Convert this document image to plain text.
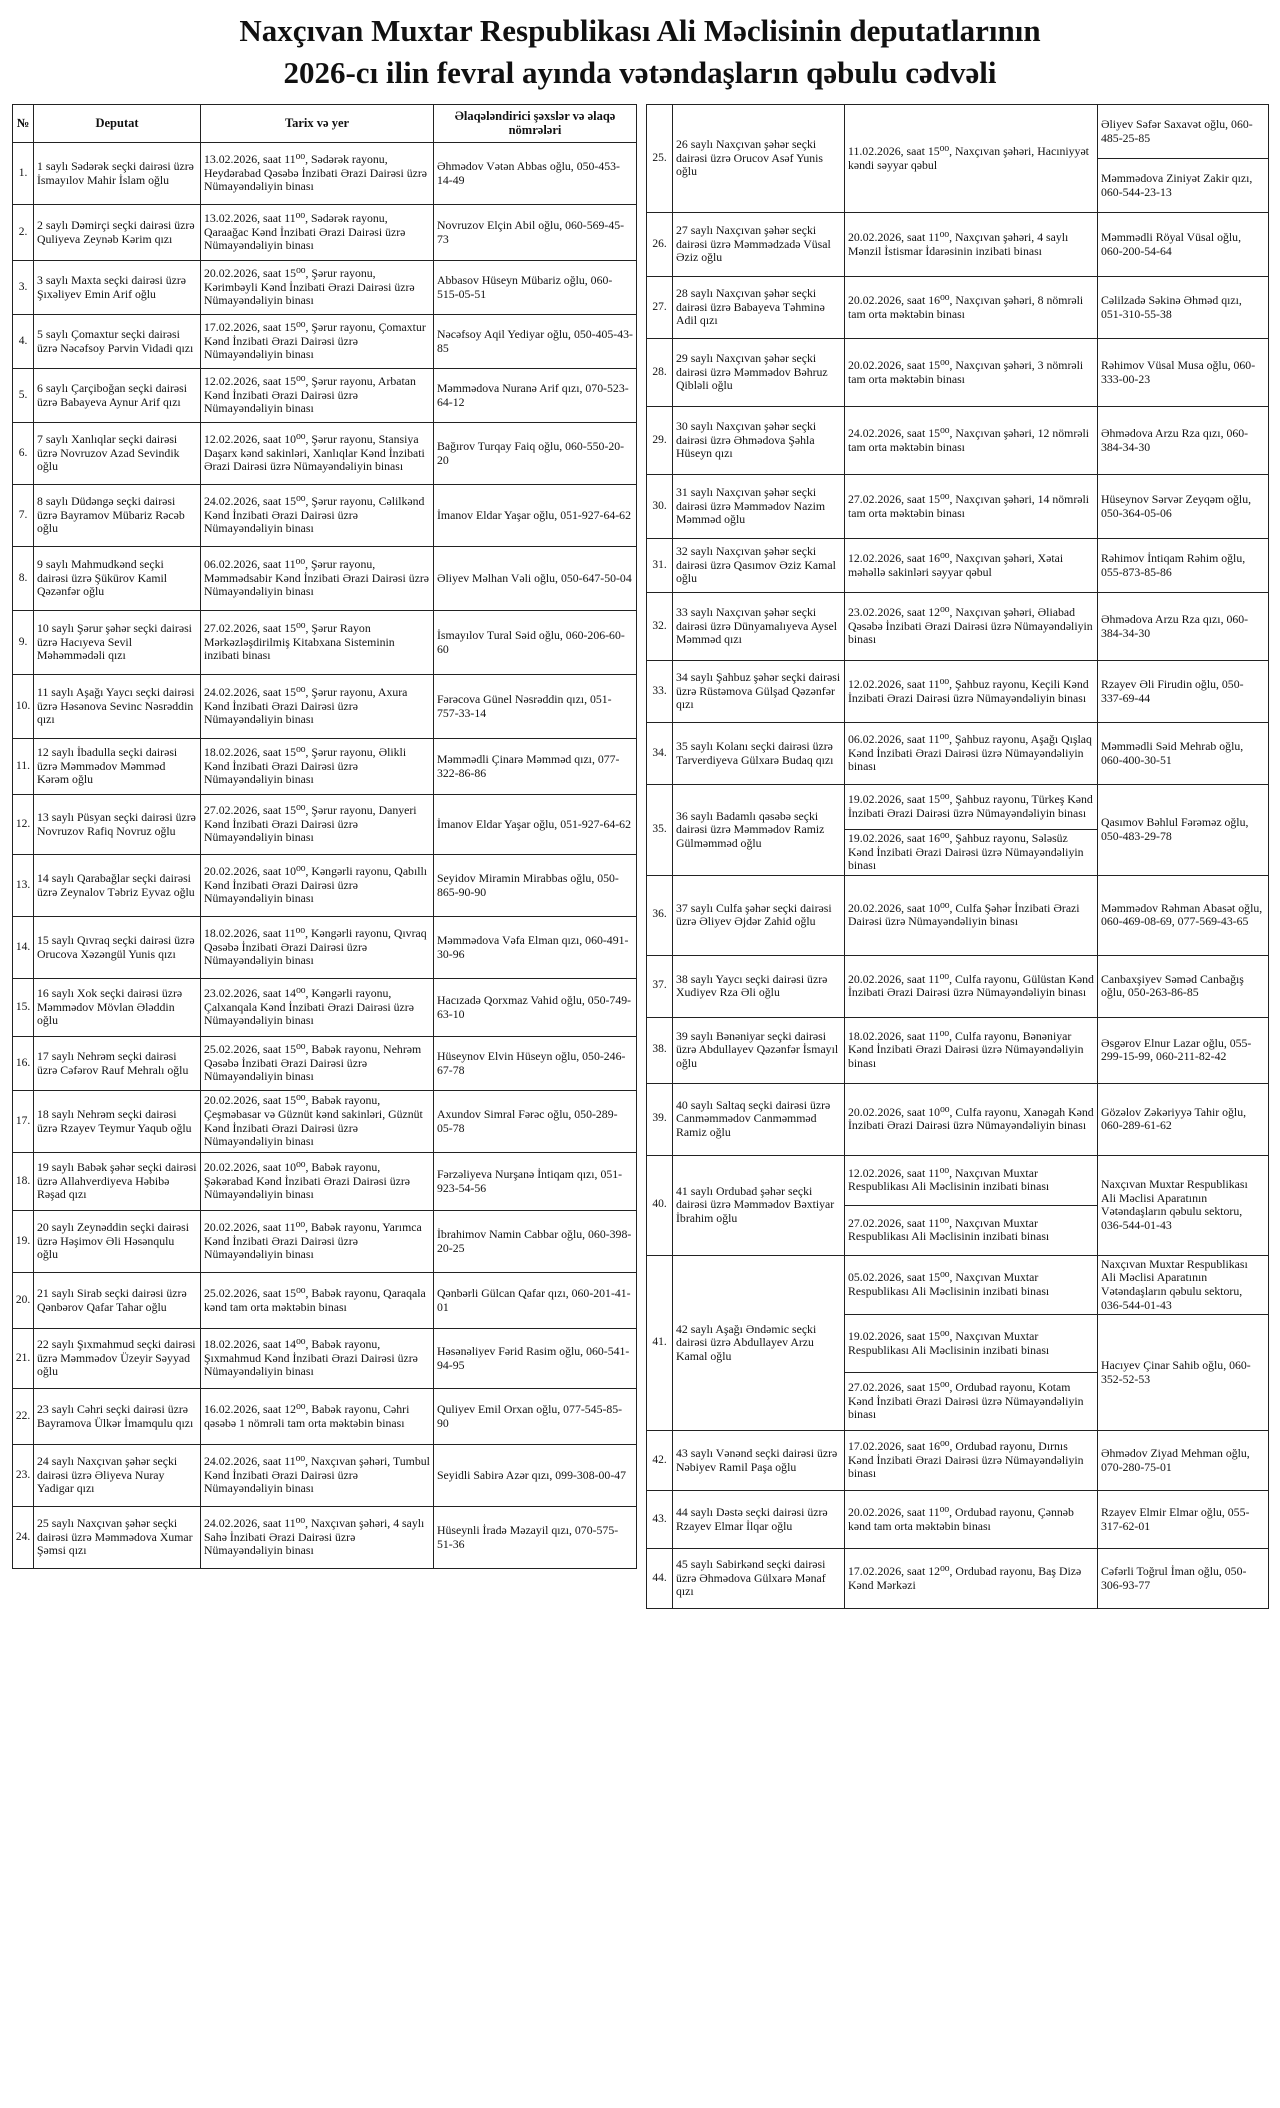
Naxçıvan Muxtar Respublikası Ali Məclisinin deputatlarının
2026-cı ilin fevral ayında vətəndaşların qəbulu cədvəli
№	Deputat	Tarix və yer	Əlaqələndirici şəxslər və əlaqə nömrələri
1.	1 saylı Sədərək seçki dairəsi üzrə İsmayılov Mahir İslam oğlu	13.02.2026, saat 11⁰⁰, Sədərək rayonu, Heydərabad Qəsəbə İnzibati Ərazi Dairəsi üzrə Nümayəndəliyin binası	Əhmədov Vətən Abbas oğlu, 050-453-14-49
2.	2 saylı Dəmirçi seçki dairəsi üzrə Quliyeva Zeynəb Kərim qızı	13.02.2026, saat 11⁰⁰, Sədərək rayonu, Qaraağac Kənd İnzibati Ərazi Dairəsi üzrə Nümayəndəliyin binası	Novruzov Elçin Abil oğlu, 060-569-45-73
3.	3 saylı Maxta seçki dairəsi üzrə Şıxəliyev Emin Arif oğlu	20.02.2026, saat 15⁰⁰, Şərur rayonu, Kərimbəyli Kənd İnzibati Ərazi Dairəsi üzrə Nümayəndəliyin binası	Abbasov Hüseyn Mübariz oğlu, 060-515-05-51
4.	5 saylı Çomaxtur seçki dairəsi üzrə Nəcəfsoy Pərvin Vidadi qızı	17.02.2026, saat 15⁰⁰, Şərur rayonu, Çomaxtur Kənd İnzibati Ərazi Dairəsi üzrə Nümayəndəliyin binası	Nəcəfsoy Aqil Yediyar oğlu, 050-405-43-85
5.	6 saylı Çarçiboğan seçki dairəsi üzrə Babayeva Aynur Arif qızı	12.02.2026, saat 15⁰⁰, Şərur rayonu, Arbatan Kənd İnzibati Ərazi Dairəsi üzrə Nümayəndəliyin binası	Məmmədova Nuranə Arif qızı, 070-523-64-12
6.	7 saylı Xanlıqlar seçki dairəsi üzrə Novruzov Azad Sevindik oğlu	12.02.2026, saat 10⁰⁰, Şərur rayonu, Stansiya Daşarx kənd sakinləri, Xanlıqlar Kənd İnzibati Ərazi Dairəsi üzrə Nümayəndəliyin binası	Bağırov Turqay Faiq oğlu, 060-550-20-20
7.	8 saylı Düdəngə seçki dairəsi üzrə Bayramov Mübariz Rəcəb oğlu	24.02.2026, saat 15⁰⁰, Şərur rayonu, Cəlilkənd Kənd İnzibati Ərazi Dairəsi üzrə Nümayəndəliyin binası	İmanov Eldar Yaşar oğlu, 051-927-64-62
8.	9 saylı Mahmudkənd seçki dairəsi üzrə Şükürov Kamil Qəzənfər oğlu	06.02.2026, saat 11⁰⁰, Şərur rayonu, Məmmədsabir Kənd İnzibati Ərazi Dairəsi üzrə Nümayəndəliyin binası	Əliyev Məlhan Vəli oğlu, 050-647-50-04
9.	10 saylı Şərur şəhər seçki dairəsi üzrə Hacıyeva Sevil Məhəmmədəli qızı	27.02.2026, saat 15⁰⁰, Şərur Rayon Mərkəzləşdirilmiş Kitabxana Sisteminin inzibati binası	İsmayılov Tural Səid oğlu, 060-206-60-60
10.	11 saylı Aşağı Yaycı seçki dairəsi üzrə Həsənova Sevinc Nəsrəddin qızı	24.02.2026, saat 15⁰⁰, Şərur rayonu, Axura Kənd İnzibati Ərazi Dairəsi üzrə Nümayəndəliyin binası	Fərəcova Günel Nəsrəddin qızı, 051-757-33-14
11.	12 saylı İbadulla seçki dairəsi üzrə Məmmədov Məmməd Kərəm oğlu	18.02.2026, saat 15⁰⁰, Şərur rayonu, Əlikli Kənd İnzibati Ərazi Dairəsi üzrə Nümayəndəliyin binası	Məmmədli Çinarə Məmməd qızı, 077-322-86-86
12.	13 saylı Püsyan seçki dairəsi üzrə Novruzov Rafiq Novruz oğlu	27.02.2026, saat 15⁰⁰, Şərur rayonu, Danyeri Kənd İnzibati Ərazi Dairəsi üzrə Nümayəndəliyin binası	İmanov Eldar Yaşar oğlu, 051-927-64-62
13.	14 saylı Qarabağlar seçki dairəsi üzrə Zeynalov Təbriz Eyvaz oğlu	20.02.2026, saat 10⁰⁰, Kəngərli rayonu, Qabıllı Kənd İnzibati Ərazi Dairəsi üzrə Nümayəndəliyin binası	Seyidov Miramin Mirabbas oğlu, 050-865-90-90
14.	15 saylı Qıvraq seçki dairəsi üzrə Orucova Xəzəngül Yunis qızı	18.02.2026, saat 11⁰⁰, Kəngərli rayonu, Qıvraq Qəsəbə İnzibati Ərazi Dairəsi üzrə Nümayəndəliyin binası	Məmmədova Vəfa Elman qızı, 060-491-30-96
15.	16 saylı Xok seçki dairəsi üzrə Məmmədov Mövlan Ələddin oğlu	23.02.2026, saat 14⁰⁰, Kəngərli rayonu, Çalxanqala Kənd İnzibati Ərazi Dairəsi üzrə Nümayəndəliyin binası	Hacızadə Qorxmaz Vahid oğlu, 050-749-63-10
16.	17 saylı Nehrəm seçki dairəsi üzrə Cəfərov Rauf Mehralı oğlu	25.02.2026, saat 15⁰⁰, Babək rayonu, Nehrəm Qəsəbə İnzibati Ərazi Dairəsi üzrə Nümayəndəliyin binası	Hüseynov Elvin Hüseyn oğlu, 050-246-67-78
17.	18 saylı Nehrəm seçki dairəsi üzrə Rzayev Teymur Yaqub oğlu	20.02.2026, saat 15⁰⁰, Babək rayonu, Çeşməbasar və Güznüt kənd sakinləri, Güznüt Kənd İnzibati Ərazi Dairəsi üzrə Nümayəndəliyin binası	Axundov Simral Fərəc oğlu, 050-289-05-78
18.	19 saylı Babək şəhər seçki dairəsi üzrə Allahverdiyeva Həbibə Rəşad qızı	20.02.2026, saat 10⁰⁰, Babək rayonu, Şəkərabad Kənd İnzibati Ərazi Dairəsi üzrə Nümayəndəliyin binası	Fərzəliyeva Nurşanə İntiqam qızı, 051-923-54-56
19.	20 saylı Zeynəddin seçki dairəsi üzrə Həşimov Əli Həsənqulu oğlu	20.02.2026, saat 11⁰⁰, Babək rayonu, Yarımca Kənd İnzibati Ərazi Dairəsi üzrə Nümayəndəliyin binası	İbrahimov Namin Cabbar oğlu, 060-398-20-25
20.	21 saylı Sirab seçki dairəsi üzrə Qənbərov Qafar Tahar oğlu	25.02.2026, saat 15⁰⁰, Babək rayonu, Qaraqala kənd tam orta məktəbin binası	Qənbərli Gülcan Qafar qızı, 060-201-41-01
21.	22 saylı Şıxmahmud seçki dairəsi üzrə Məmmədov Üzeyir Səyyad oğlu	18.02.2026, saat 14⁰⁰, Babək rayonu, Şıxmahmud Kənd İnzibati Ərazi Dairəsi üzrə Nümayəndəliyin binası	Həsənəliyev Fərid Rasim oğlu, 060-541-94-95
22.	23 saylı Cəhri seçki dairəsi üzrə Bayramova Ülkər İmamqulu qızı	16.02.2026, saat 12⁰⁰, Babək rayonu, Cəhri qəsəbə 1 nömrəli tam orta məktəbin binası	Quliyev Emil Orxan oğlu, 077-545-85-90
23.	24 saylı Naxçıvan şəhər seçki dairəsi üzrə Əliyeva Nuray Yadigar qızı	24.02.2026, saat 11⁰⁰, Naxçıvan şəhəri, Tumbul Kənd İnzibati Ərazi Dairəsi üzrə Nümayəndəliyin binası	Seyidli Sabirə Azər qızı, 099-308-00-47
24.	25 saylı Naxçıvan şəhər seçki dairəsi üzrə Məmmədova Xumar Şəmsi qızı	24.02.2026, saat 11⁰⁰, Naxçıvan şəhəri, 4 saylı Sahə İnzibati Ərazi Dairəsi üzrə Nümayəndəliyin binası	Hüseynli İradə Məzayil qızı, 070-575-51-36
25.	26 saylı Naxçıvan şəhər seçki dairəsi üzrə Orucov Asəf Yunis oğlu	11.02.2026, saat 15⁰⁰, Naxçıvan şəhəri, Hacıniyyət kəndi səyyar qəbul	Əliyev Səfər Saxavət oğlu, 060-485-25-85
			Məmmədova Ziniyət Zakir qızı, 060-544-23-13
26.	27 saylı Naxçıvan şəhər seçki dairəsi üzrə Məmmədzadə Vüsal Əziz oğlu	20.02.2026, saat 11⁰⁰, Naxçıvan şəhəri, 4 saylı Mənzil İstismar İdarəsinin inzibati binası	Məmmədli Röyal Vüsal oğlu, 060-200-54-64
27.	28 saylı Naxçıvan şəhər seçki dairəsi üzrə Babayeva Təhminə Adil qızı	20.02.2026, saat 16⁰⁰, Naxçıvan şəhəri, 8 nömrəli tam orta məktəbin binası	Cəlilzadə Səkinə Əhməd qızı, 051-310-55-38
28.	29 saylı Naxçıvan şəhər seçki dairəsi üzrə Məmmədov Bəhruz Qibləli oğlu	20.02.2026, saat 15⁰⁰, Naxçıvan şəhəri, 3 nömrəli tam orta məktəbin binası	Rəhimov Vüsal Musa oğlu, 060-333-00-23
29.	30 saylı Naxçıvan şəhər seçki dairəsi üzrə Əhmədova Şəhla Hüseyn qızı	24.02.2026, saat 15⁰⁰, Naxçıvan şəhəri, 12 nömrəli tam orta məktəbin binası	Əhmədova Arzu Rza qızı, 060-384-34-30
30.	31 saylı Naxçıvan şəhər seçki dairəsi üzrə Məmmədov Nazim Məmməd oğlu	27.02.2026, saat 15⁰⁰, Naxçıvan şəhəri, 14 nömrəli tam orta məktəbin binası	Hüseynov Sərvər Zeyqəm oğlu, 050-364-05-06
31.	32 saylı Naxçıvan şəhər seçki dairəsi üzrə Qasımov Əziz Kamal oğlu	12.02.2026, saat 16⁰⁰, Naxçıvan şəhəri, Xətai məhəllə sakinləri səyyar qəbul	Rəhimov İntiqam Rəhim oğlu, 055-873-85-86
32.	33 saylı Naxçıvan şəhər seçki dairəsi üzrə Dünyamalıyeva Aysel Məmməd qızı	23.02.2026, saat 12⁰⁰, Naxçıvan şəhəri, Əliabad Qəsəbə İnzibati Ərazi Dairəsi üzrə Nümayəndəliyin binası	Əhmədova Arzu Rza qızı, 060-384-34-30
33.	34 saylı Şahbuz şəhər seçki dairəsi üzrə Rüstəmova Gülşad Qəzənfər qızı	12.02.2026, saat 11⁰⁰, Şahbuz rayonu, Keçili Kənd İnzibati Ərazi Dairəsi üzrə Nümayəndəliyin binası	Rzayev Əli Firudin oğlu, 050-337-69-44
34.	35 saylı Kolanı seçki dairəsi üzrə Tarverdiyeva Gülxarə Budaq qızı	06.02.2026, saat 11⁰⁰, Şahbuz rayonu, Aşağı Qışlaq Kənd İnzibati Ərazi Dairəsi üzrə Nümayəndəliyin binası	Məmmədli Səid Mehrab oğlu, 060-400-30-51
35.	36 saylı Badamlı qəsəbə seçki dairəsi üzrə Məmmədov Ramiz Gülməmməd oğlu	19.02.2026, saat 15⁰⁰, Şahbuz rayonu, Türkeş Kənd İnzibati Ərazi Dairəsi üzrə Nümayəndəliyin binası	Qasımov Bəhlul Fərəməz oğlu, 050-483-29-78
		19.02.2026, saat 16⁰⁰, Şahbuz rayonu, Sələsüz Kənd İnzibati Ərazi Dairəsi üzrə Nümayəndəliyin binası	
36.	37 saylı Culfa şəhər seçki dairəsi üzrə Əliyev Əjdər Zahid oğlu	20.02.2026, saat 10⁰⁰, Culfa Şəhər İnzibati Ərazi Dairəsi üzrə Nümayəndəliyin binası	Məmmədov Rəhman Abasət oğlu, 060-469-08-69, 077-569-43-65
37.	38 saylı Yaycı seçki dairəsi üzrə Xudiyev Rza Əli oğlu	20.02.2026, saat 11⁰⁰, Culfa rayonu, Gülüstan Kənd İnzibati Ərazi Dairəsi üzrə Nümayəndəliyin binası	Canbaxşiyev Səməd Canbağış oğlu, 050-263-86-85
38.	39 saylı Bənəniyar seçki dairəsi üzrə Abdullayev Qəzənfər İsmayıl oğlu	18.02.2026, saat 11⁰⁰, Culfa rayonu, Bənəniyar Kənd İnzibati Ərazi Dairəsi üzrə Nümayəndəliyin binası	Əsgərov Elnur Lazar oğlu, 055-299-15-99, 060-211-82-42
39.	40 saylı Saltaq seçki dairəsi üzrə Canməmmədov Canməmməd Ramiz oğlu	20.02.2026, saat 10⁰⁰, Culfa rayonu, Xanəgah Kənd İnzibati Ərazi Dairəsi üzrə Nümayəndəliyin binası	Gözəlov Zəkəriyyə Tahir oğlu, 060-289-61-62
40.	41 saylı Ordubad şəhər seçki dairəsi üzrə Məmmədov Bəxtiyar İbrahim oğlu	12.02.2026, saat 11⁰⁰, Naxçıvan Muxtar Respublikası Ali Məclisinin inzibati binası	Naxçıvan Muxtar Respublikası Ali Məclisi Aparatının Vətəndaşların qəbulu sektoru, 036-544-01-43
		27.02.2026, saat 11⁰⁰, Naxçıvan Muxtar Respublikası Ali Məclisinin inzibati binası	
41.	42 saylı Aşağı Əndəmic seçki dairəsi üzrə Abdullayev Arzu Kamal oğlu	05.02.2026, saat 15⁰⁰, Naxçıvan Muxtar Respublikası Ali Məclisinin inzibati binası	Naxçıvan Muxtar Respublikası Ali Məclisi Aparatının Vətəndaşların qəbulu sektoru, 036-544-01-43
		19.02.2026, saat 15⁰⁰, Naxçıvan Muxtar Respublikası Ali Məclisinin inzibati binası	Hacıyev Çinar Sahib oğlu, 060-352-52-53
		27.02.2026, saat 15⁰⁰, Ordubad rayonu, Kotam Kənd İnzibati Ərazi Dairəsi üzrə Nümayəndəliyin binası	
42.	43 saylı Vənənd seçki dairəsi üzrə Nəbiyev Ramil Paşa oğlu	17.02.2026, saat 16⁰⁰, Ordubad rayonu, Dırnıs Kənd İnzibati Ərazi Dairəsi üzrə Nümayəndəliyin binası	Əhmədov Ziyad Mehman oğlu, 070-280-75-01
43.	44 saylı Dəstə seçki dairəsi üzrə Rzayev Elmar İlqar oğlu	20.02.2026, saat 11⁰⁰, Ordubad rayonu, Çənnəb kənd tam orta məktəbin binası	Rzayev Elmir Elmar oğlu, 055-317-62-01
44.	45 saylı Sabirkənd seçki dairəsi üzrə Əhmədova Gülxarə Mənaf qızı	17.02.2026, saat 12⁰⁰, Ordubad rayonu, Baş Dizə Kənd Mərkəzi	Cəfərli Toğrul İman oğlu, 050-306-93-77
